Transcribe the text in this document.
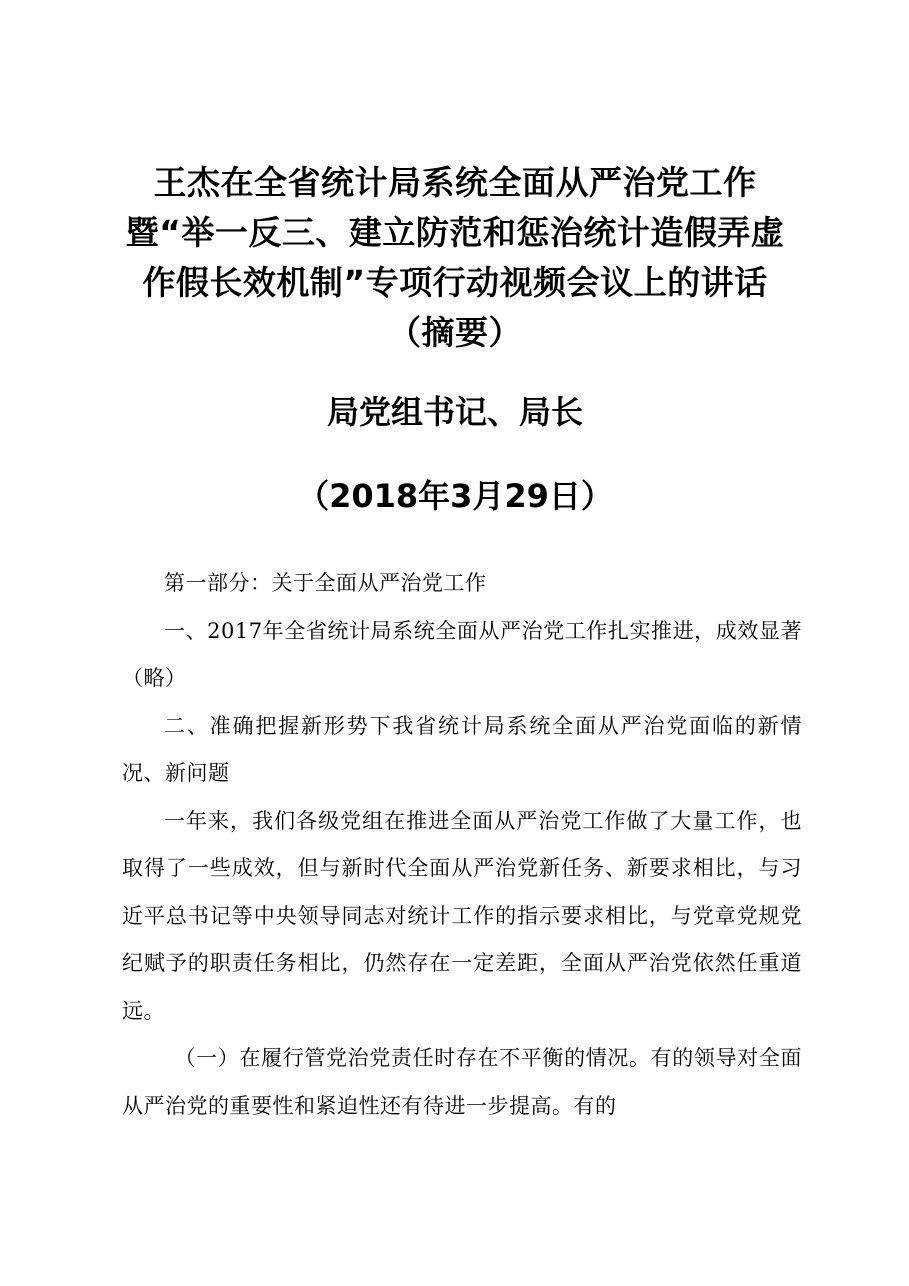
王杰在全省统计局系统全面从严治党工作暨“举一反三、建立防范和惩治统计造假弄虚作假长效机制”专项行动视频会议上的讲话（摘要）

局党组书记、局长

（2018年3月29日）

第一部分：关于全面从严治党工作

一、2017年全省统计局系统全面从严治党工作扎实推进，成效显著（略）

二、准确把握新形势下我省统计局系统全面从严治党面临的新情况、新问题

一年来，我们各级党组在推进全面从严治党工作做了大量工作，也取得了一些成效，但与新时代全面从严治党新任务、新要求相比，与习近平总书记等中央领导同志对统计工作的指示要求相比，与党章党规党纪赋予的职责任务相比，仍然存在一定差距，全面从严治党依然任重道远。

（一）在履行管党治党责任时存在不平衡的情况。有的领导对全面从严治党的重要性和紧迫性还有待进一步提高。有的
